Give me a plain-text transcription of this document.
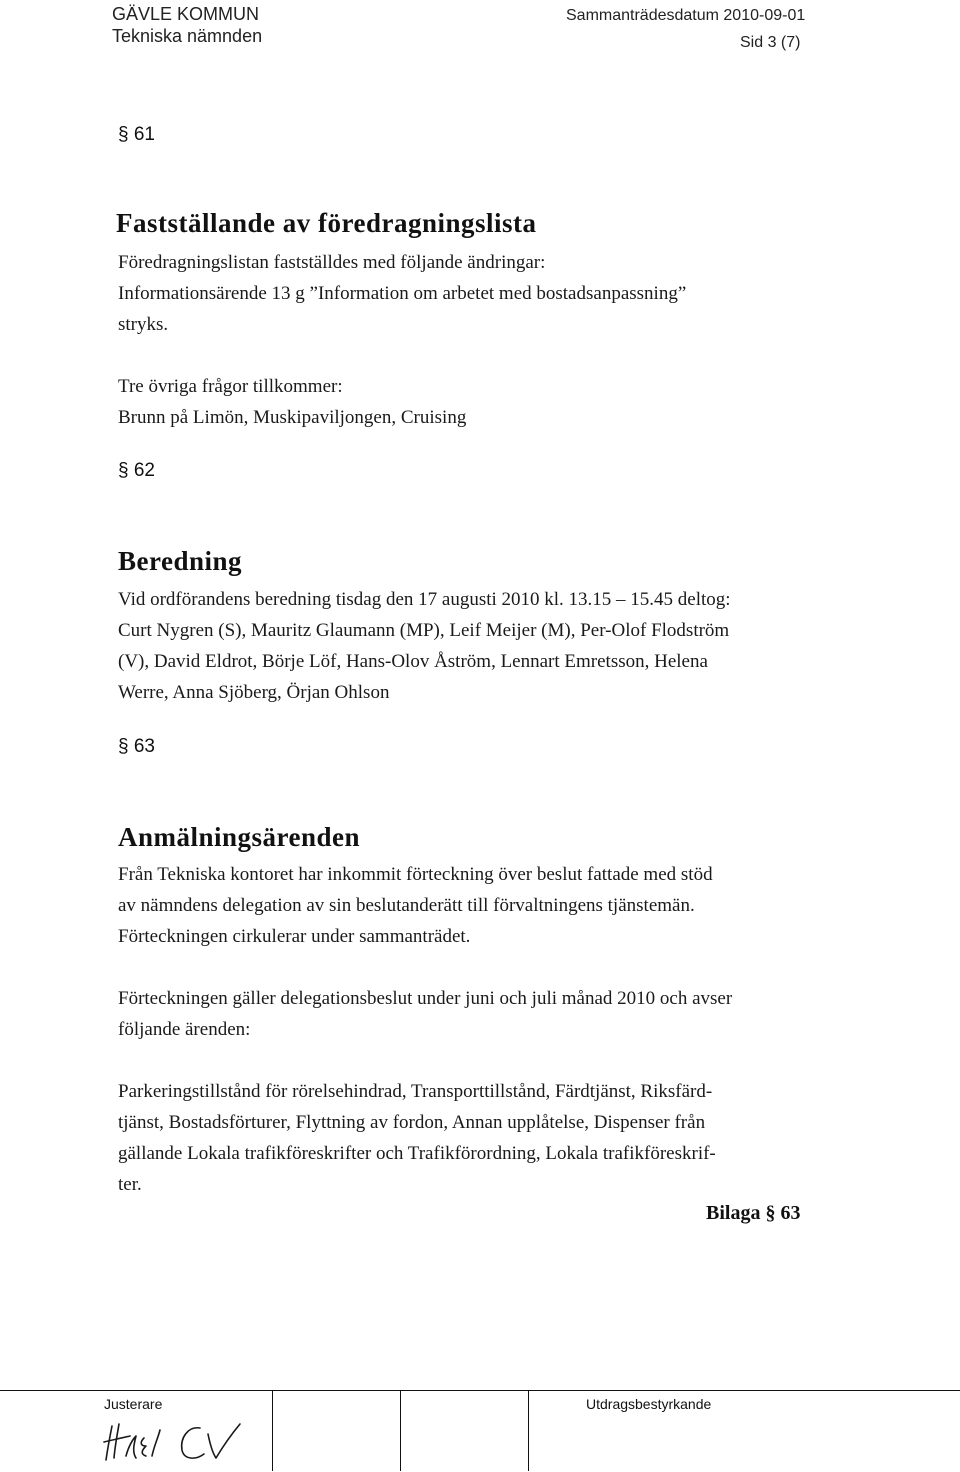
GÄVLE KOMMUN
Tekniska nämnden
Sammanträdesdatum 2010-09-01
Sid 3 (7)
§ 61
Fastställande av föredragningslista

Föredragningslistan fastställdes med följande ändringar:

Informationsärende 13 g ”Information om arbetet med bostadsanpassning”

stryks.

Tre övriga frågor tillkommer:

Brunn på Limön, Muskipaviljongen, Cruising

§ 62
Beredning

Vid ordförandens beredning tisdag den 17 augusti 2010 kl. 13.15 – 15.45 deltog:

Curt Nygren (S), Mauritz Glaumann (MP), Leif Meijer (M), Per-Olof Flodström

(V), David Eldrot, Börje Löf, Hans-Olov Åström, Lennart Emretsson, Helena

Werre, Anna Sjöberg, Örjan Ohlson

§ 63
Anmälningsärenden

Från Tekniska kontoret har inkommit förteckning över beslut fattade med stöd

av nämndens delegation av sin beslutanderätt till förvaltningens tjänstemän.

Förteckningen cirkulerar under sammanträdet.

Förteckningen gäller delegationsbeslut under juni och juli månad 2010 och avser

följande ärenden:

Parkeringstillstånd för rörelsehindrad, Transporttillstånd, Färdtjänst, Riksfärd-

tjänst, Bostadsförturer, Flyttning av fordon, Annan upplåtelse, Dispenser från

gällande Lokala trafikföreskrifter och Trafikförordning, Lokala trafikföreskrif-

ter.

Bilaga § 63
Justerare	Utdragsbestyrkande
